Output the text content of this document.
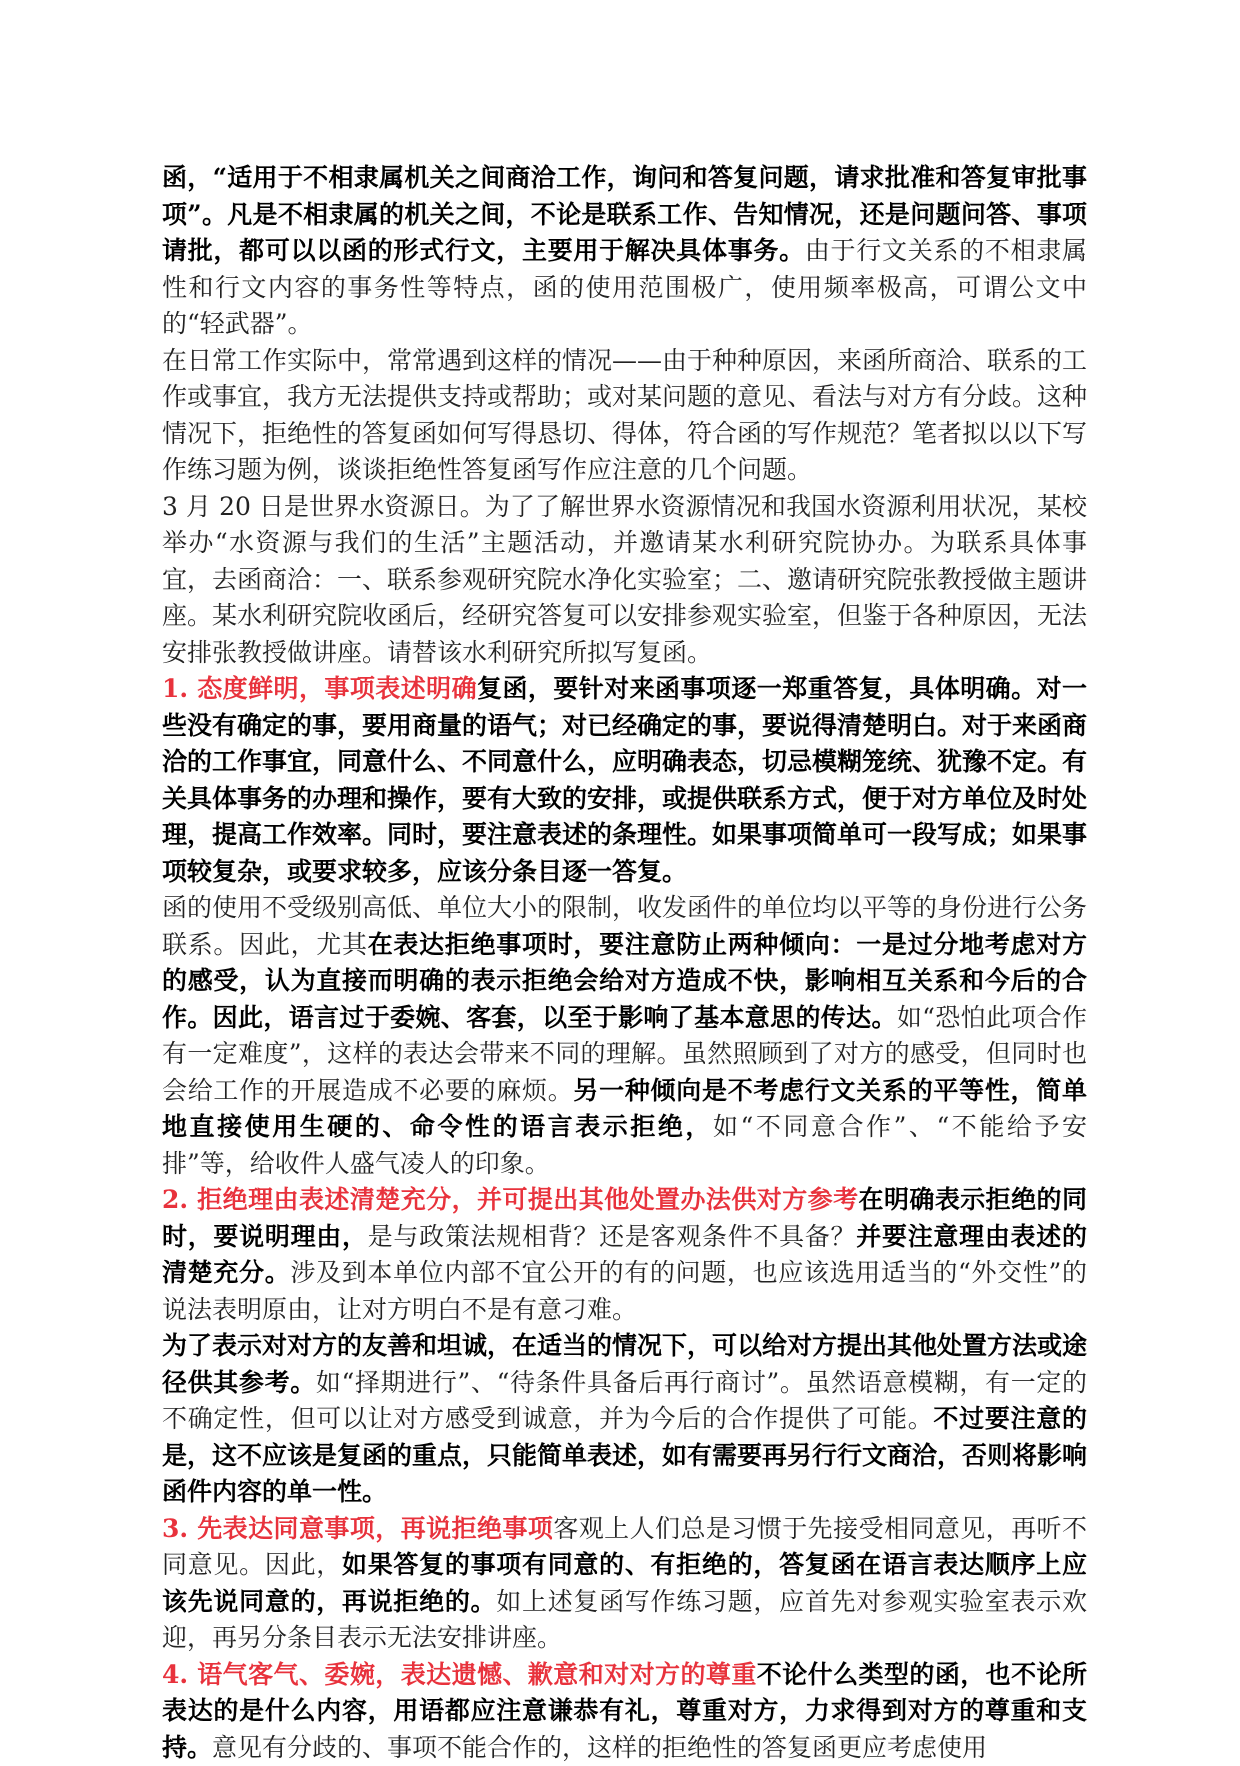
函，“适用于不相隶属机关之间商洽工作，询问和答复问题，请求批准和答复审批事项”。凡是不相隶属的机关之间，不论是联系工作、告知情况，还是问题问答、事项请批，都可以以函的形式行文，主要用于解决具体事务。由于行文关系的不相隶属性和行文内容的事务性等特点，函的使用范围极广，使用频率极高，可谓公文中的“轻武器”。

在日常工作实际中，常常遇到这样的情况——由于种种原因，来函所商洽、联系的工作或事宜，我方无法提供支持或帮助；或对某问题的意见、看法与对方有分歧。这种情况下，拒绝性的答复函如何写得恳切、得体，符合函的写作规范？笔者拟以以下写作练习题为例，谈谈拒绝性答复函写作应注意的几个问题。

3 月 20 日是世界水资源日。为了了解世界水资源情况和我国水资源利用状况，某校举办“水资源与我们的生活”主题活动，并邀请某水利研究院协办。为联系具体事宜，去函商洽：一、联系参观研究院水净化实验室；二、邀请研究院张教授做主题讲座。某水利研究院收函后，经研究答复可以安排参观实验室，但鉴于各种原因，无法安排张教授做讲座。请替该水利研究所拟写复函。

1. 态度鲜明，事项表述明确复函，要针对来函事项逐一郑重答复，具体明确。对一些没有确定的事，要用商量的语气；对已经确定的事，要说得清楚明白。对于来函商洽的工作事宜，同意什么、不同意什么，应明确表态，切忌模糊笼统、犹豫不定。有关具体事务的办理和操作，要有大致的安排，或提供联系方式，便于对方单位及时处理，提高工作效率。同时，要注意表述的条理性。如果事项简单可一段写成；如果事项较复杂，或要求较多，应该分条目逐一答复。

函的使用不受级别高低、单位大小的限制，收发函件的单位均以平等的身份进行公务联系。因此，尤其在表达拒绝事项时，要注意防止两种倾向：一是过分地考虑对方的感受，认为直接而明确的表示拒绝会给对方造成不快，影响相互关系和今后的合作。因此，语言过于委婉、客套，以至于影响了基本意思的传达。如“恐怕此项合作有一定难度”，这样的表达会带来不同的理解。虽然照顾到了对方的感受，但同时也会给工作的开展造成不必要的麻烦。另一种倾向是不考虑行文关系的平等性，简单地直接使用生硬的、命令性的语言表示拒绝，如“不同意合作”、“不能给予安排”等，给收件人盛气凌人的印象。

2. 拒绝理由表述清楚充分，并可提出其他处置办法供对方参考在明确表示拒绝的同时，要说明理由，是与政策法规相背？还是客观条件不具备？并要注意理由表述的清楚充分。涉及到本单位内部不宜公开的有的问题，也应该选用适当的“外交性”的说法表明原由，让对方明白不是有意刁难。

为了表示对对方的友善和坦诚，在适当的情况下，可以给对方提出其他处置方法或途径供其参考。如“择期进行”、“待条件具备后再行商讨”。虽然语意模糊，有一定的不确定性，但可以让对方感受到诚意，并为今后的合作提供了可能。不过要注意的是，这不应该是复函的重点，只能简单表述，如有需要再另行行文商洽，否则将影响函件内容的单一性。

3. 先表达同意事项，再说拒绝事项客观上人们总是习惯于先接受相同意见，再听不同意见。因此，如果答复的事项有同意的、有拒绝的，答复函在语言表达顺序上应该先说同意的，再说拒绝的。如上述复函写作练习题，应首先对参观实验室表示欢迎，再另分条目表示无法安排讲座。

4. 语气客气、委婉，表达遗憾、歉意和对对方的尊重不论什么类型的函，也不论所表达的是什么内容，用语都应注意谦恭有礼，尊重对方，力求得到对方的尊重和支持。意见有分歧的、事项不能合作的，这样的拒绝性的答复函更应考虑使用
